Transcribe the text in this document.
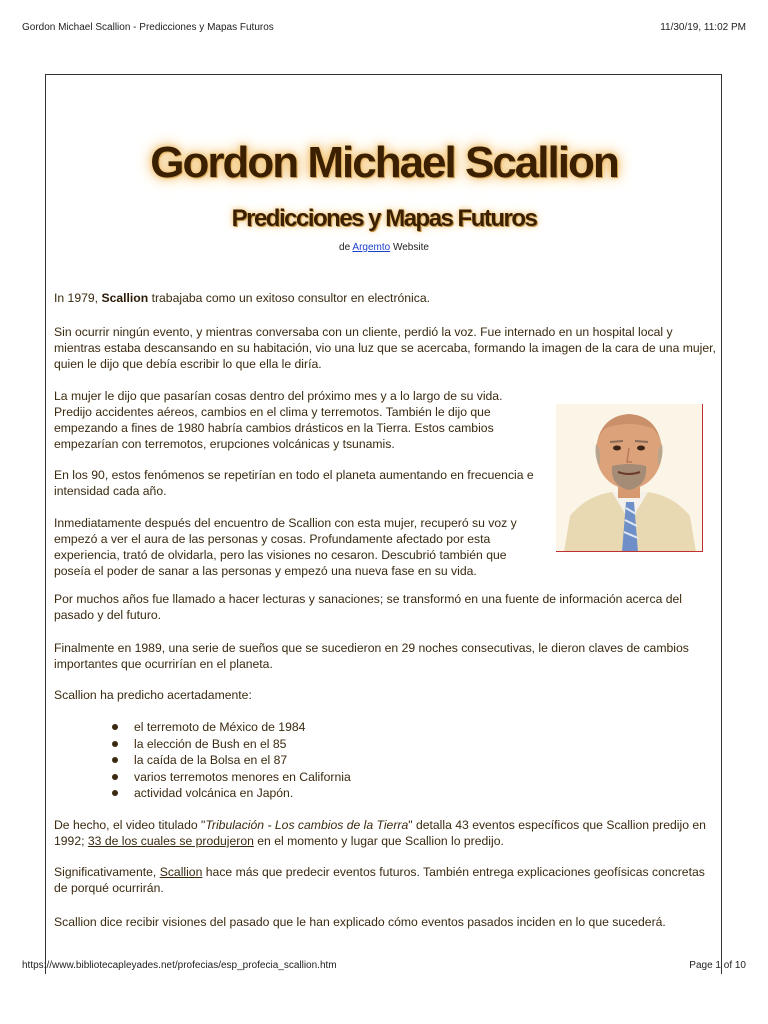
Gordon Michael Scallion - Predicciones y Mapas Futuros	11/30/19, 11:02 PM
Gordon Michael Scallion
Predicciones y Mapas Futuros
de Argemto Website
In 1979, Scallion trabajaba como un exitoso consultor en electrónica.
Sin ocurrir ningún evento, y mientras conversaba con un cliente, perdió la voz. Fue internado en un hospital local y mientras estaba descansando en su habitación, vio una luz que se acercaba, formando la imagen de la cara de una mujer, quien le dijo que debía escribir lo que ella le diría.
La mujer le dijo que pasarían cosas dentro del próximo mes y a lo largo de su vida. Predijo accidentes aéreos, cambios en el clima y terremotos. También le dijo que empezando a fines de 1980 habría cambios drásticos en la Tierra. Estos cambios empezarían con terremotos, erupciones volcánicas y tsunamis.
En los 90, estos fenómenos se repetirían en todo el planeta aumentando en frecuencia e intensidad cada año.
Inmediatamente después del encuentro de Scallion con esta mujer, recuperó su voz y empezó a ver el aura de las personas y cosas. Profundamente afectado por esta experiencia, trató de olvidarla, pero las visiones no cesaron. Descubrió también que poseía el poder de sanar a las personas y empezó una nueva fase en su vida.
Por muchos años fue llamado a hacer lecturas y sanaciones; se transformó en una fuente de información acerca del pasado y del futuro.
Finalmente en 1989, una serie de sueños que se sucedieron en 29 noches consecutivas, le dieron claves de cambios importantes que ocurrirían en el planeta.
Scallion ha predicho acertadamente:
el terremoto de México de 1984
la elección de Bush en el 85
la caída de la Bolsa en el 87
varios terremotos menores en California
actividad volcánica en Japón.
De hecho, el video titulado "Tribulación - Los cambios de la Tierra" detalla 43 eventos específicos que Scallion predijo en 1992; 33 de los cuales se produjeron en el momento y lugar que Scallion lo predijo.
Significativamente, Scallion hace más que predecir eventos futuros. También entrega explicaciones geofísicas concretas de porqué ocurrirán.
Scallion dice recibir visiones del pasado que le han explicado cómo eventos pasados inciden en lo que sucederá.
https://www.bibliotecapleyades.net/profecias/esp_profecia_scallion.htm	Page 1 of 10
